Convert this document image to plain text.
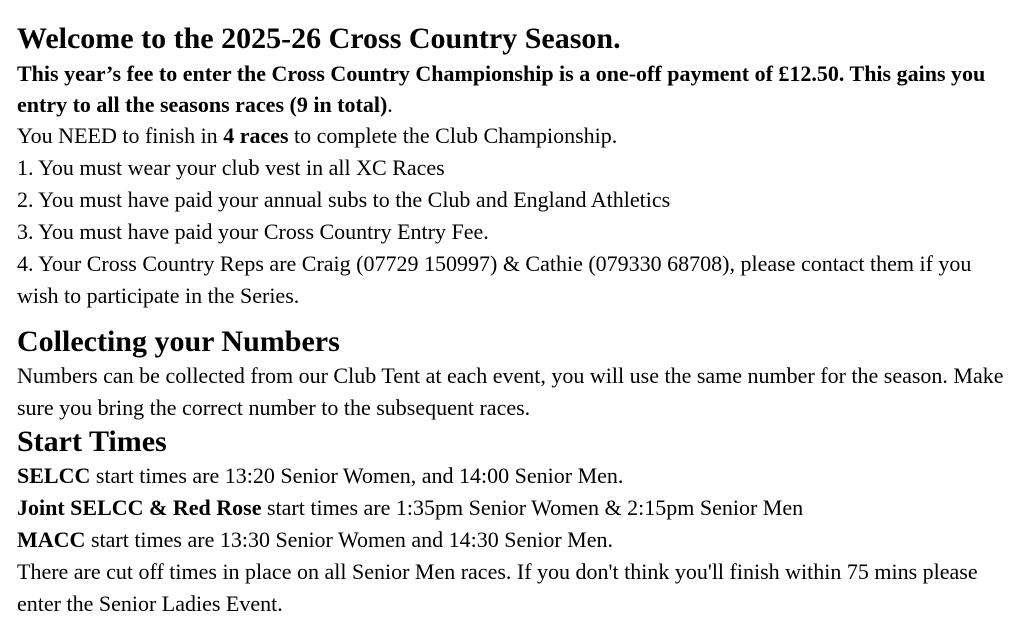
Welcome to the 2025-26 Cross Country Season.

This year’s fee to enter the Cross Country Championship is a one-off payment of £12.50. This gains you entry to all the seasons races (9 in total).

You NEED to finish in 4 races to complete the Club Championship.

1. You must wear your club vest in all XC Races

2. You must have paid your annual subs to the Club and England Athletics

3. You must have paid your Cross Country Entry Fee.

4. Your Cross Country Reps are Craig (07729 150997) & Cathie (079330 68708), please contact them if you wish to participate in the Series.

Collecting your Numbers

Numbers can be collected from our Club Tent at each event, you will use the same number for the season. Make sure you bring the correct number to the subsequent races.

Start Times

SELCC start times are 13:20 Senior Women, and 14:00 Senior Men.

Joint SELCC & Red Rose start times are 1:35pm Senior Women & 2:15pm Senior Men

MACC start times are 13:30 Senior Women and 14:30 Senior Men.

There are cut off times in place on all Senior Men races. If you don't think you'll finish within 75 mins please enter the Senior Ladies Event.
